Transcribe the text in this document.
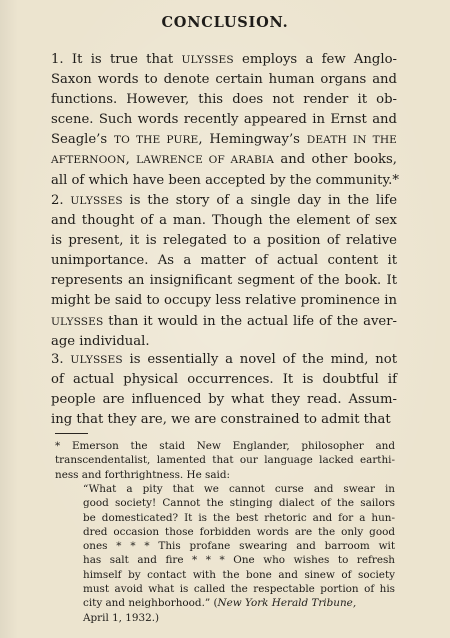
CONCLUSION.
1. It is true that ULYSSES employs a few Anglo-
Saxon words to denote certain human organs and
functions. However, this does not render it ob-
scene. Such words recently appeared in Ernst and
Seagle’s TO THE PURE, Hemingway’s DEATH IN THE
AFTERNOON, LAWRENCE OF ARABIA and other books,
all of which have been accepted by the community.*
2. ULYSSES is the story of a single day in the life
and thought of a man. Though the element of sex
is present, it is relegated to a position of relative
unimportance. As a matter of actual content it
represents an insignificant segment of the book. It
might be said to occupy less relative prominence in
ULYSSES than it would in the actual life of the aver-
age individual.
3. ULYSSES is essentially a novel of the mind, not
of actual physical occurrences. It is doubtful if
people are influenced by what they read. Assum-
ing that they are, we are constrained to admit that
* Emerson the staid New Englander, philosopher and
transcendentalist, lamented that our language lacked earthi-
ness and forthrightness. He said:
“What a pity that we cannot curse and swear in
good society! Cannot the stinging dialect of the sailors
be domesticated? It is the best rhetoric and for a hun-
dred occasion those forbidden words are the only good
ones * * * This profane swearing and barroom wit
has salt and fire * * * One who wishes to refresh
himself by contact with the bone and sinew of society
must avoid what is called the respectable portion of his
city and neighborhood.” (New York Herald Tribune,
April 1, 1932.)
